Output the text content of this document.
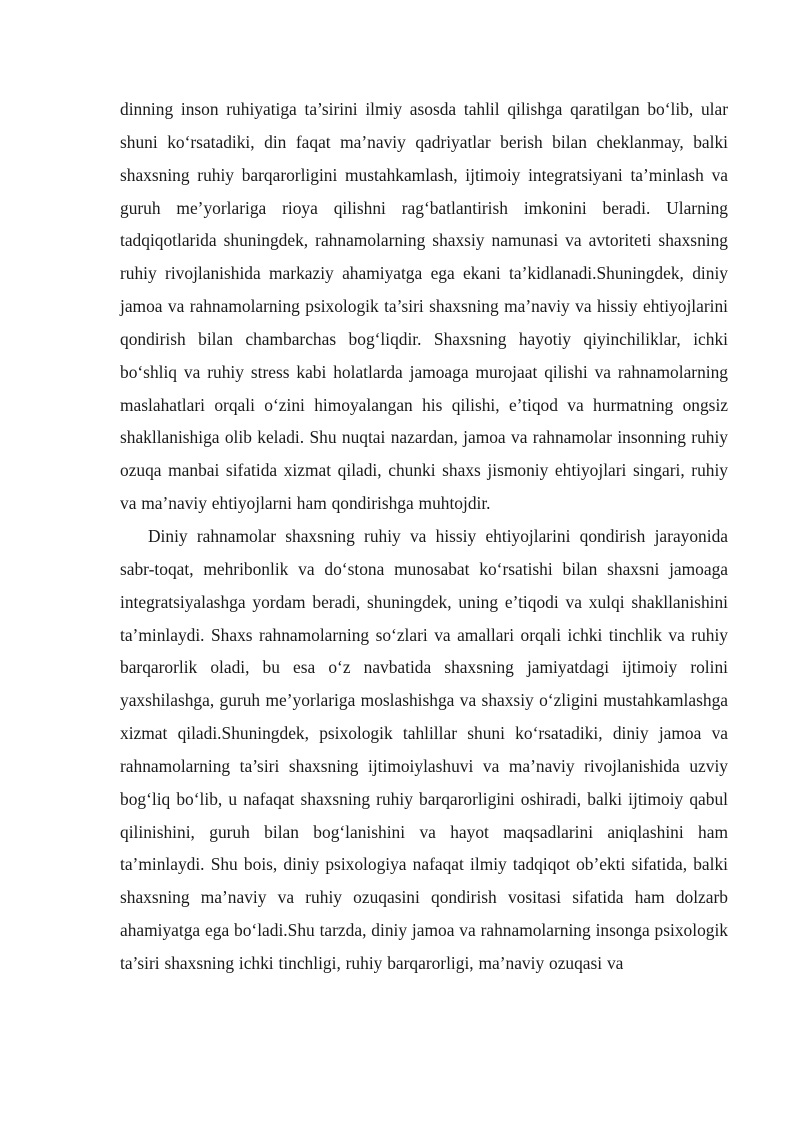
dinning inson ruhiyatiga ta’sirini ilmiy asosda tahlil qilishga qaratilgan bo‘lib, ular shuni ko‘rsatadiki, din faqat ma’naviy qadriyatlar berish bilan cheklanmay, balki shaxsning ruhiy barqarorligini mustahkamlash, ijtimoiy integratsiyani ta’minlash va guruh me’yorlariga rioya qilishni rag‘batlantirish imkonini beradi. Ularning tadqiqotlarida shuningdek, rahnamolarning shaxsiy namunasi va avtoriteti shaxsning ruhiy rivojlanishida markaziy ahamiyatga ega ekani ta’kidlanadi.Shuningdek, diniy jamoa va rahnamolarning psixologik ta’siri shaxsning ma’naviy va hissiy ehtiyojlarini qondirish bilan chambarchas bog‘liqdir. Shaxsning hayotiy qiyinchiliklar, ichki bo‘shliq va ruhiy stress kabi holatlarda jamoaga murojaat qilishi va rahnamolarning maslahatlari orqali o‘zini himoyalangan his qilishi, e’tiqod va hurmatning ongsiz shakllanishiga olib keladi. Shu nuqtai nazardan, jamoa va rahnamolar insonning ruhiy ozuqa manbai sifatida xizmat qiladi, chunki shaxs jismoniy ehtiyojlari singari, ruhiy va ma’naviy ehtiyojlarni ham qondirishga muhtojdir.

Diniy rahnamolar shaxsning ruhiy va hissiy ehtiyojlarini qondirish jarayonida sabr-toqat, mehribonlik va do‘stona munosabat ko‘rsatishi bilan shaxsni jamoaga integratsiyalashga yordam beradi, shuningdek, uning e’tiqodi va xulqi shakllanishini ta’minlaydi. Shaxs rahnamolarning so‘zlari va amallari orqali ichki tinchlik va ruhiy barqarorlik oladi, bu esa o‘z navbatida shaxsning jamiyatdagi ijtimoiy rolini yaxshilashga, guruh me’yorlariga moslashishga va shaxsiy o‘zligini mustahkamlashga xizmat qiladi.Shuningdek, psixologik tahlillar shuni ko‘rsatadiki, diniy jamoa va rahnamolarning ta’siri shaxsning ijtimoiylashuvi va ma’naviy rivojlanishida uzviy bog‘liq bo‘lib, u nafaqat shaxsning ruhiy barqarorligini oshiradi, balki ijtimoiy qabul qilinishini, guruh bilan bog‘lanishini va hayot maqsadlarini aniqlashini ham ta’minlaydi. Shu bois, diniy psixologiya nafaqat ilmiy tadqiqot ob’ekti sifatida, balki shaxsning ma’naviy va ruhiy ozuqasini qondirish vositasi sifatida ham dolzarb ahamiyatga ega bo‘ladi.Shu tarzda, diniy jamoa va rahnamolarning insonga psixologik ta’siri shaxsning ichki tinchligi, ruhiy barqarorligi, ma’naviy ozuqasi va
